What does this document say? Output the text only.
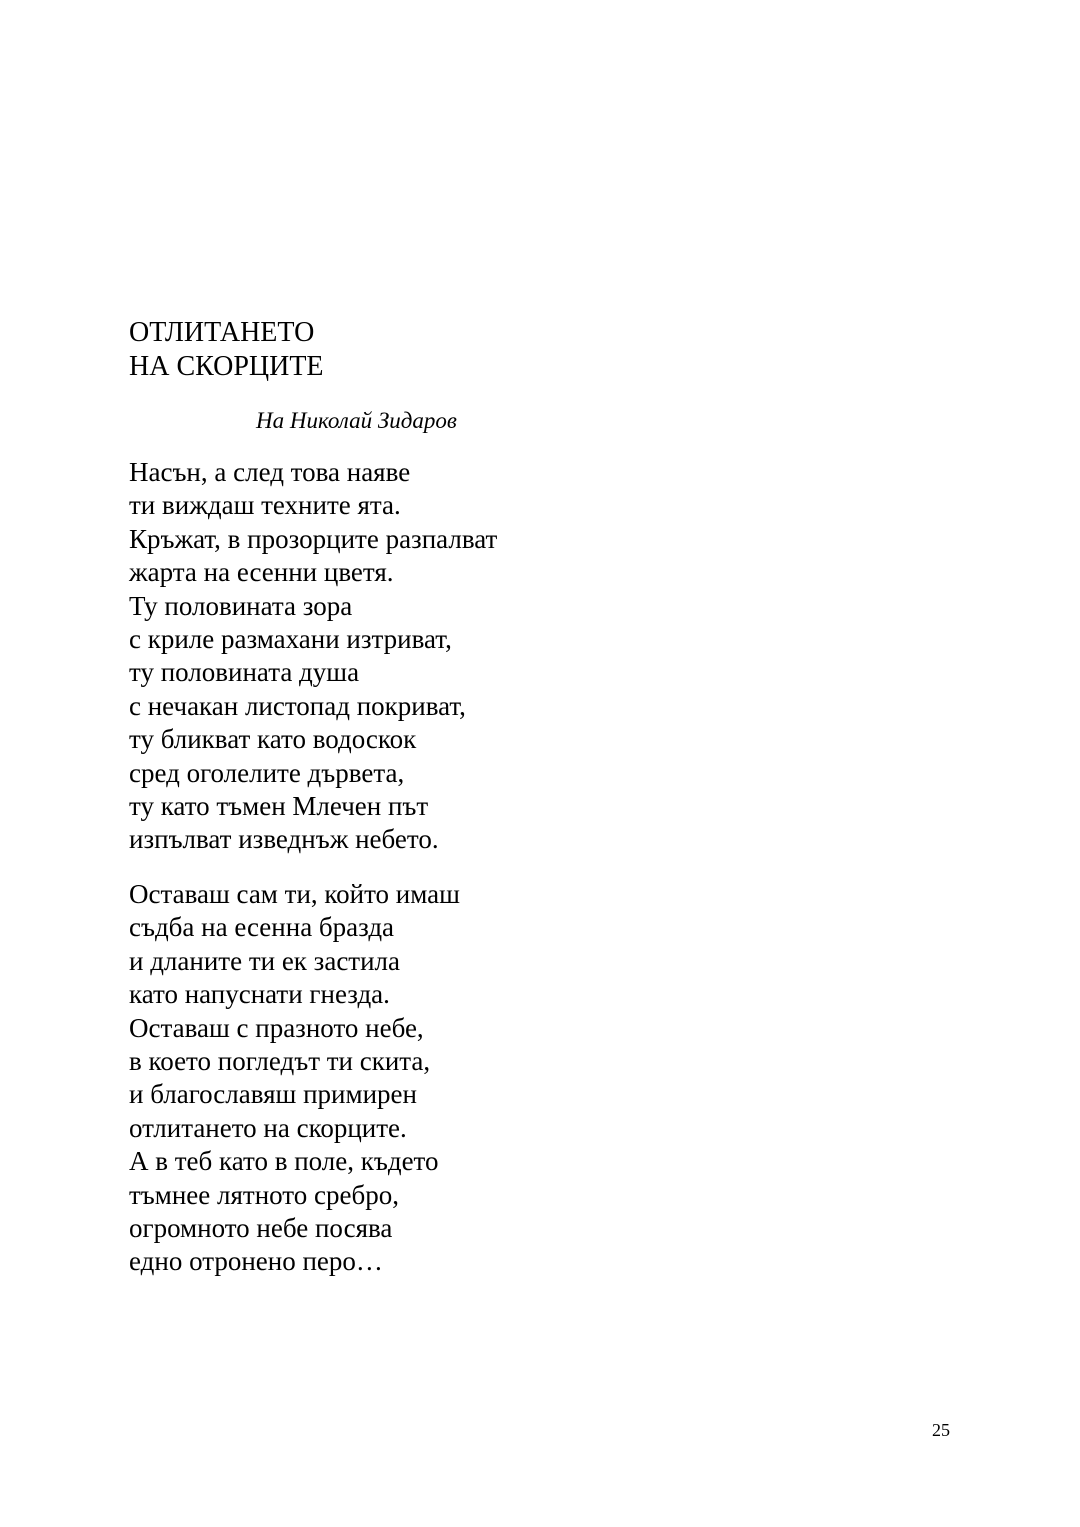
ОТЛИТАНЕТО
НА СКОРЦИТЕ

На Николай Зидаров

Насън, а след това наяве
ти виждаш техните ята.
Кръжат, в прозорците разпалват
жарта на есенни цветя.
Ту половината зора
с криле размахани изтриват,
ту половината душа
с нечакан листопад покриват,
ту бликват като водоскок
сред оголелите дървета,
ту като тъмен Млечен път
изпълват изведнъж небето.
Оставаш сам ти, който имаш
съдба на есенна бразда
и дланите ти ек застила
като напуснати гнезда.
Оставаш с празното небе,
в което погледът ти скита,
и благославяш примирен
отлитането на скорците.
А в теб като в поле, където
тъмнее лятното сребро,
огромното небе посява
едно отронено перо…

25
